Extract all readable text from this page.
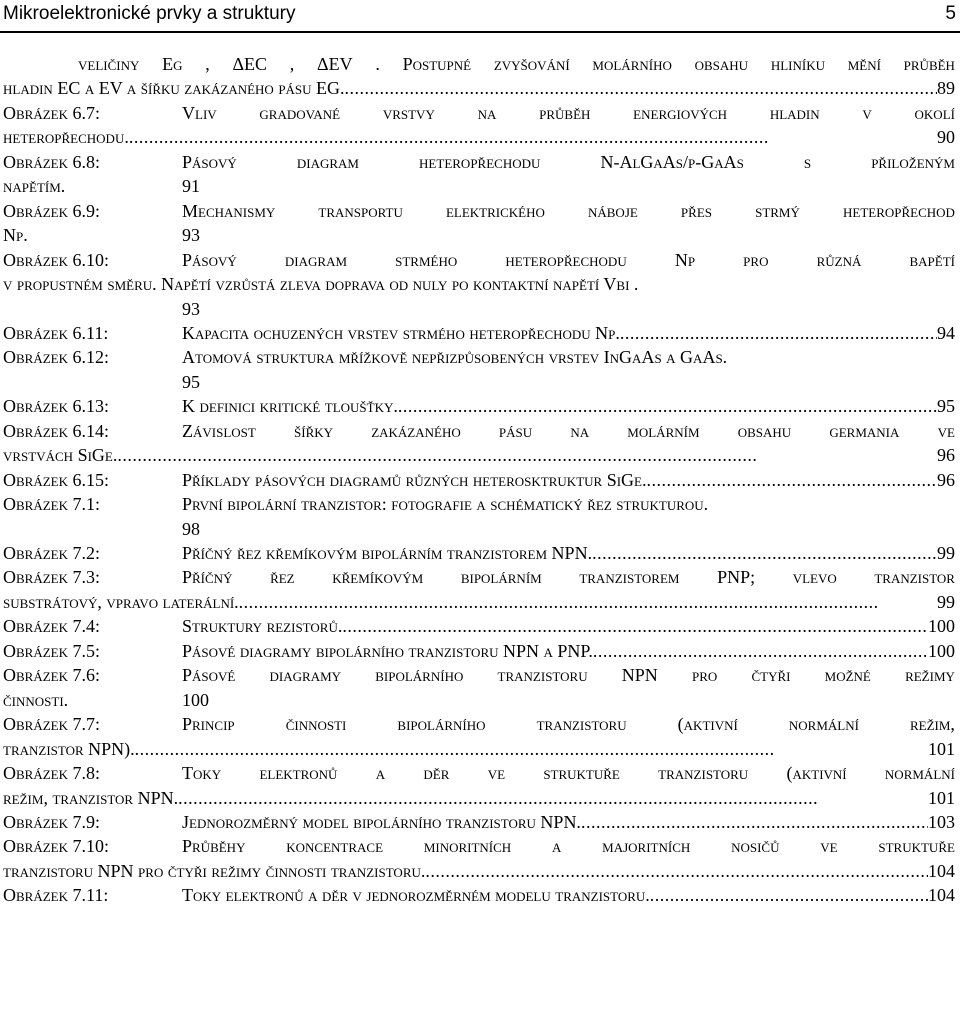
Mikroelektronické prvky a struktury	5
veličiny Eg , ΔEC , ΔEV . Postupné zvyšování molárního obsahu hliníku mění průběh
hladin EC a EV a šířku zakázaného pásu EG. . . .	89
Obrázek 6.7:	Vliv gradované vrstvy na průběh energiových hladin v okolí
heteropřechodu. . . .	90
Obrázek 6.8:	Pásový	diagram	heteropřechodu	N-AlGaAs/p-GaAs	s	přiloženým
napětím.	91
Obrázek 6.9:	Mechanismy transportu elektrického náboje přes strmý heteropřechod
Np.	93
Obrázek 6.10:	Pásový	diagram	strmého	heteropřechodu	Np	pro	různá	bapětí
v propustném směru. Napětí vzrůstá zleva doprava od nuly po kontaktní napětí Vbi .
93
Obrázek 6.11:	Kapacita ochuzených vrstev strmého heteropřechodu Np. . . .	94
Obrázek 6.12:	Atomová struktura mřížkově nepřizpůsobených vrstev InGaAs a GaAs.
95
Obrázek 6.13:	K definici kritické tloušťky. . . .	95
Obrázek 6.14:	Závislost šířky zakázaného pásu na molárním obsahu germania ve
vrstvách SiGe. . . .	96
Obrázek 6.15:	Příklady pásových diagramů různých heterosktruktur SiGe. . . .	96
Obrázek 7.1:	První bipolární tranzistor: fotografie a schématický řez strukturou.
98
Obrázek 7.2:	Příčný řez křemíkovým bipolárním tranzistorem NPN. . . .	99
Obrázek 7.3:	Příčný řez křemíkovým bipolárním tranzistorem PNP; vlevo tranzistor
substrátový, vpravo laterální. . . .	99
Obrázek 7.4:	Struktury rezistorů. . . .	100
Obrázek 7.5:	Pásové diagramy bipolárního tranzistoru NPN a PNP. . . .	100
Obrázek 7.6:	Pásové diagramy bipolárního tranzistoru NPN pro čtyři možné režimy
činnosti.	100
Obrázek 7.7:	Princip	činnosti	bipolárního	tranzistoru	(aktivní	normální	režim,
tranzistor NPN). . . .	101
Obrázek 7.8:	Toky elektronů a děr ve struktuře tranzistoru (aktivní normální
režim, tranzistor NPN. . . .	101
Obrázek 7.9:	Jednorozměrný model bipolárního tranzistoru NPN. . . .	103
Obrázek 7.10:	Průběhy koncentrace minoritních a majoritních nosičů ve struktuře
tranzistoru NPN pro čtyři režimy činnosti tranzistoru. . . .	104
Obrázek 7.11:	Toky elektronů a děr v jednorozměrném modelu tranzistoru. . . .	104
